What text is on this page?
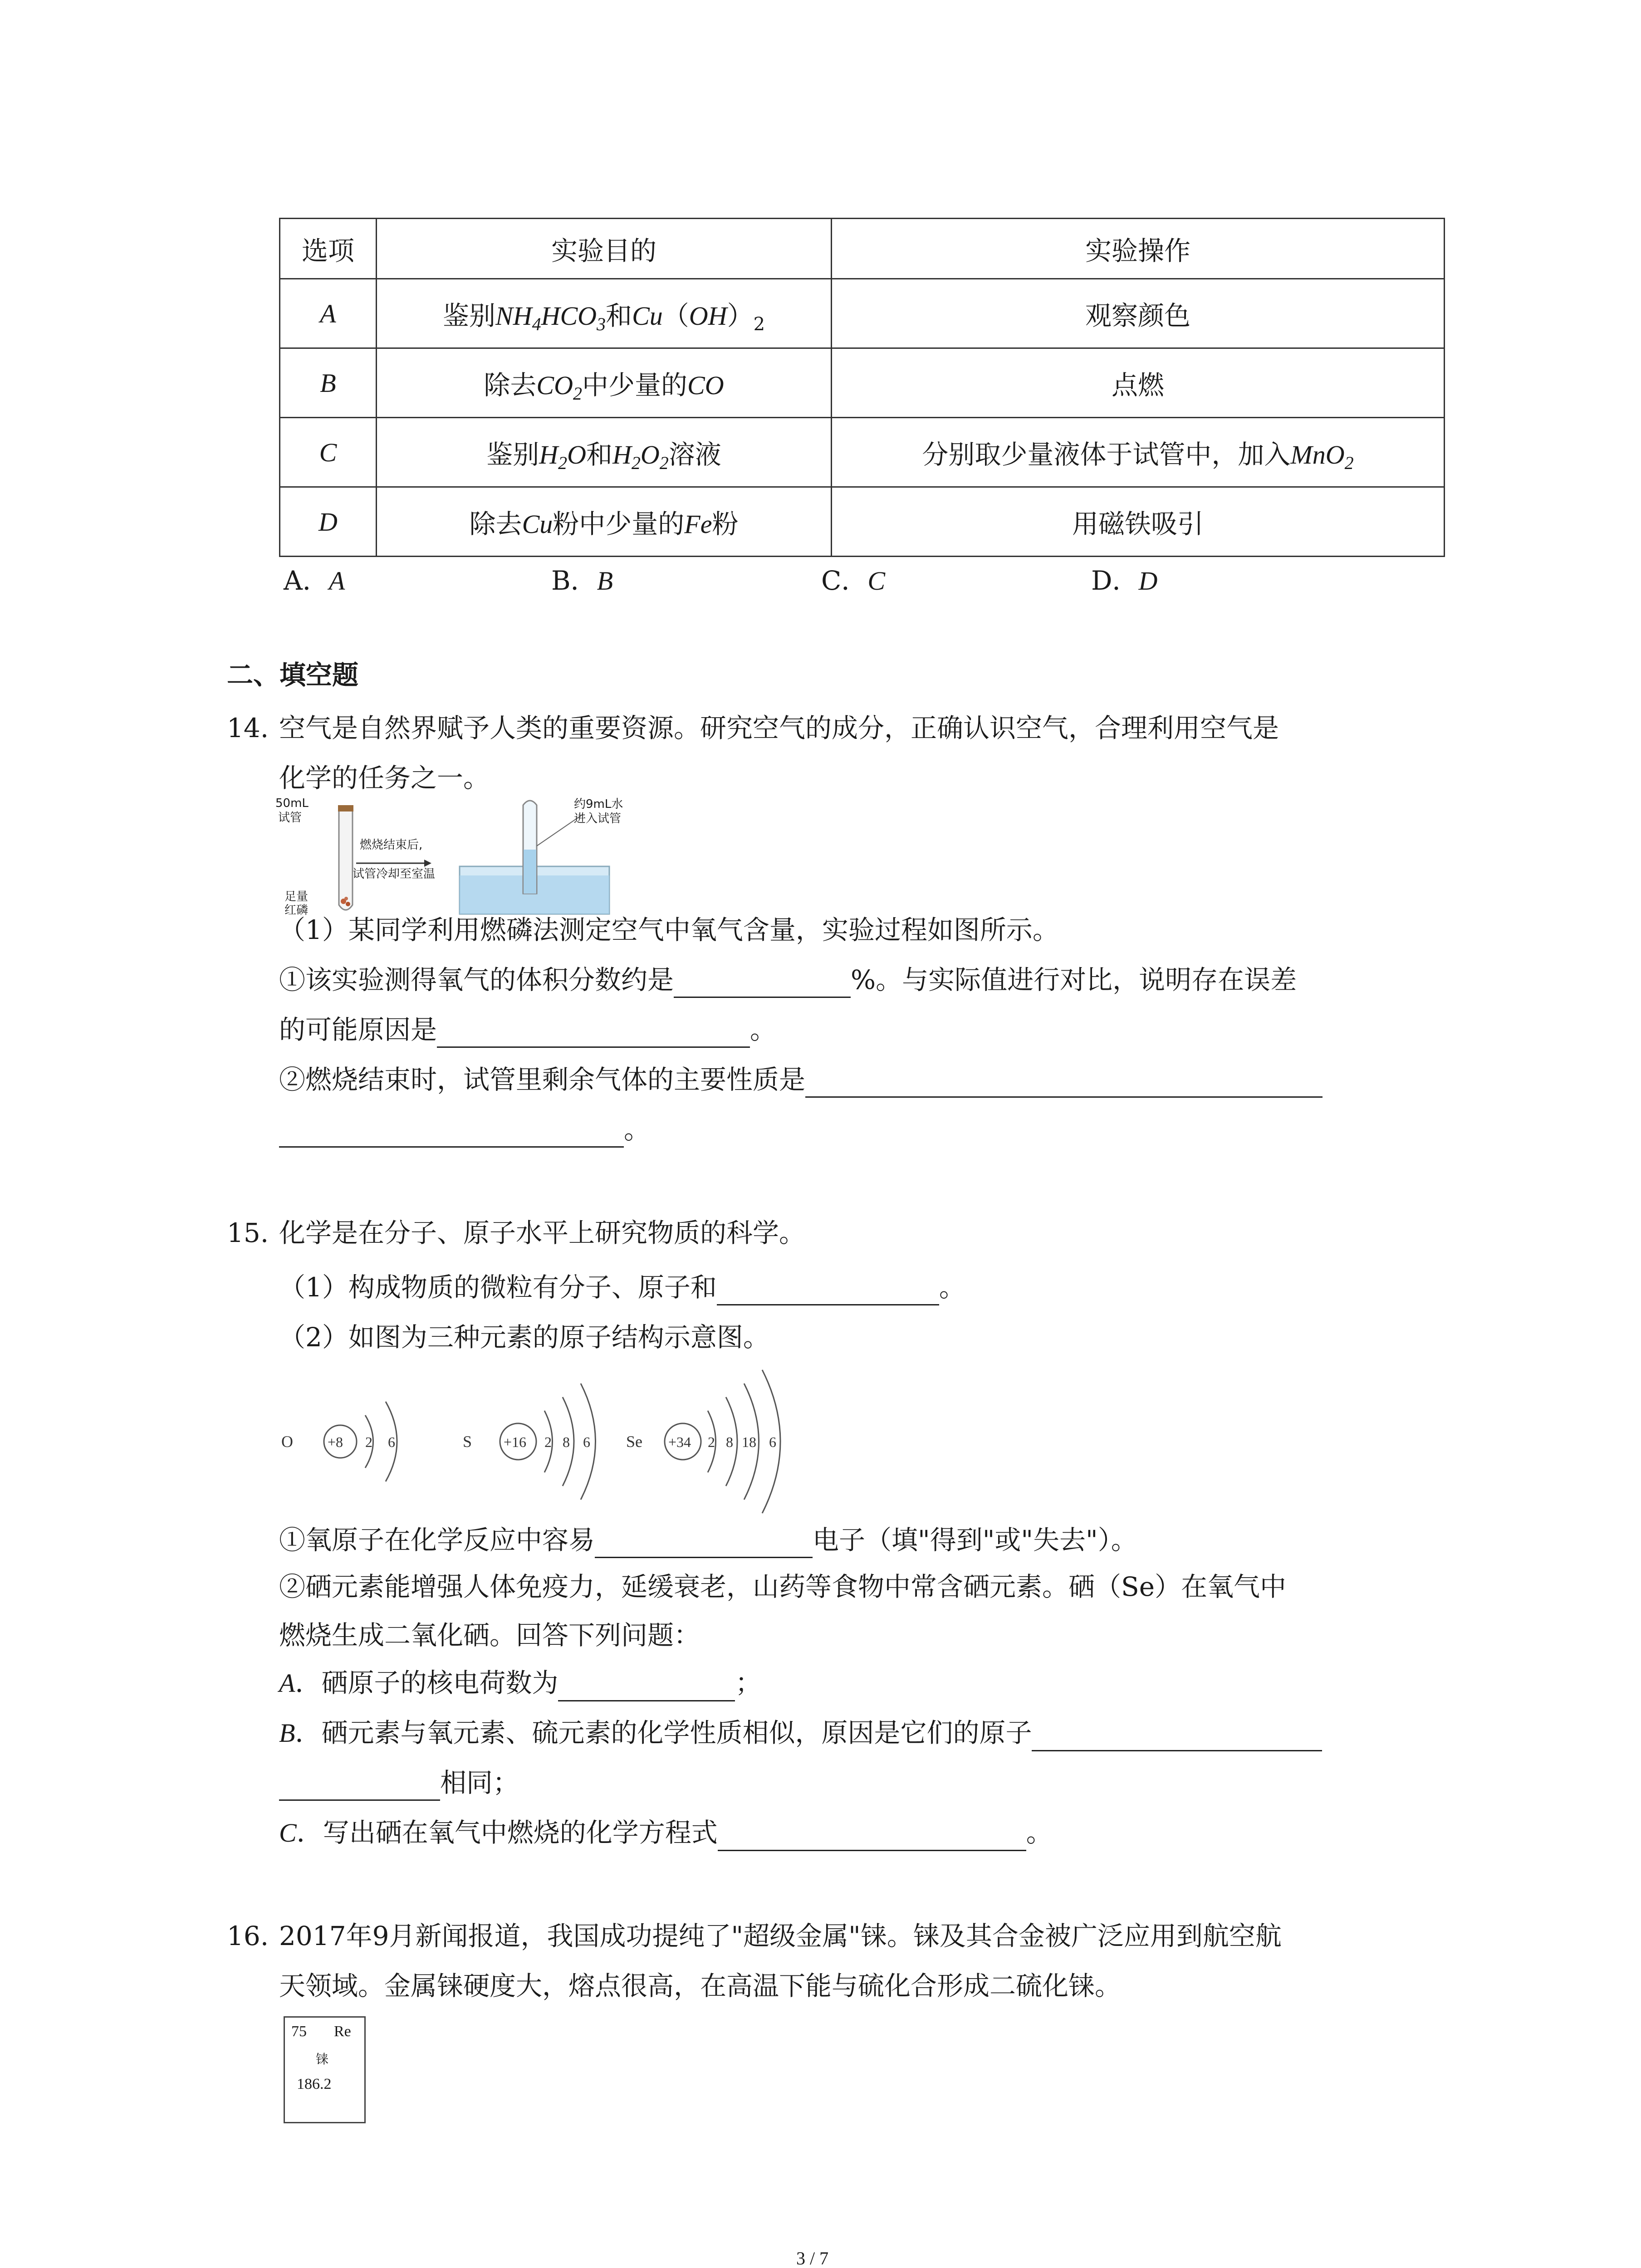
选项	实验目的	实验操作
A	鉴别$NH_4HCO_3$和$Cu(OH)_2$	观察颜色
B	除去$CO_2$中少量的CO	点燃
C	鉴别$H_2O$和$H_2O_2$溶液	分别取少量液体于试管中，加入MnO$_2$
D	除去Cu粉中少量的Fe粉	用磁铁吸引
A．A	B．B	C．C	D．D
二、填空题
14. 空气是自然界赋予人类的重要资源。研究空气的成分，正确认识空气，合理利用空气是
化学的任务之一。
50mL
试管
燃烧结束后,
试管冷却至室温
足量
红磷
约9mL水
进入试管
（1）某同学利用燃磷法测定空气中氧气含量，实验过程如图所示。
①该实验测得氧气的体积分数约是	%。与实际值进行对比，说明存在误差
的可能原因是	。
②燃烧结束时，试管里剩余气体的主要性质是
。
15. 化学是在分子、原子水平上研究物质的科学。
（1）构成物质的微粒有分子、原子和	。
（2）如图为三种元素的原子结构示意图。
O +8 2 6	S +16 2 8 6 Se +34 2 8 18 6
①氧原子在化学反应中容易	电子（填"得到"或"失去"）。
②硒元素能增强人体免疫力，延缓衰老，山药等食物中常含硒元素。硒（Se）在氧气中
燃烧生成二氧化硒。回答下列问题：
A．硒原子的核电荷数为	；
B．硒元素与氧元素、硫元素的化学性质相似，原因是它们的原子
相同；
C．写出硒在氧气中燃烧的化学方程式	。
16. 2017年9月新闻报道，我国成功提纯了"超级金属"铼。铼及其合金被广泛应用到航空航
天领域。金属铼硬度大，熔点很高，在高温下能与硫化合形成二硫化铼。
75 Re
铼
186.2
3 / 7
